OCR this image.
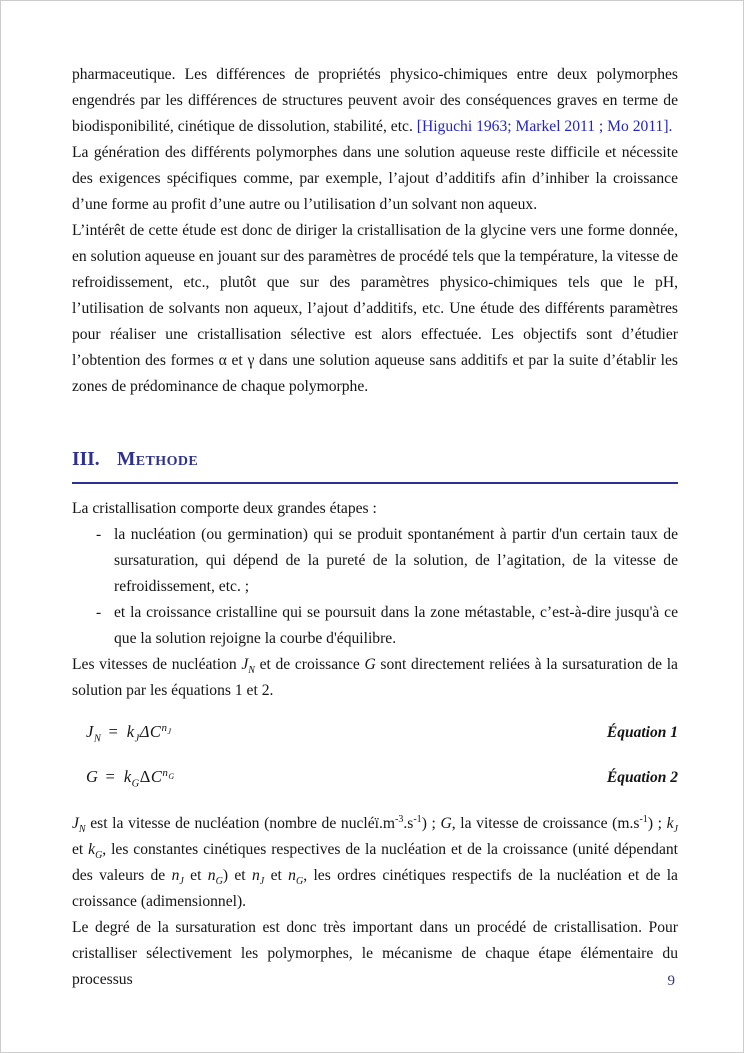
pharmaceutique. Les différences de propriétés physico-chimiques entre deux polymorphes engendrés par les différences de structures peuvent avoir des conséquences graves en terme de biodisponibilité, cinétique de dissolution, stabilité, etc. [Higuchi 1963; Markel 2011 ; Mo 2011].

La génération des différents polymorphes dans une solution aqueuse reste difficile et nécessite des exigences spécifiques comme, par exemple, l’ajout d’additifs afin d’inhiber la croissance d’une forme au profit d’une autre ou l’utilisation d’un solvant non aqueux.

L’intérêt de cette étude est donc de diriger la cristallisation de la glycine vers une forme donnée, en solution aqueuse en jouant sur des paramètres de procédé tels que la température, la vitesse de refroidissement, etc., plutôt que sur des paramètres physico-chimiques tels que le pH, l’utilisation de solvants non aqueux, l’ajout d’additifs, etc. Une étude des différents paramètres pour réaliser une cristallisation sélective est alors effectuée. Les objectifs sont d’étudier l’obtention des formes α et γ dans une solution aqueuse sans additifs et par la suite d’établir les zones de prédominance de chaque polymorphe.

III. Methode

La cristallisation comporte deux grandes étapes :

- la nucléation (ou germination) qui se produit spontanément à partir d'un certain taux de sursaturation, qui dépend de la pureté de la solution, de l’agitation, de la vitesse de refroidissement, etc. ;

- et la croissance cristalline qui se poursuit dans la zone métastable, c’est-à-dire jusqu'à ce que la solution rejoigne la courbe d'équilibre.

Les vitesses de nucléation $J_N$ et de croissance G sont directement reliées à la sursaturation de la solution par les équations 1 et 2.

$J_N = k_J\Delta C^{n_J}$	Équation 1
$G = k_G\Delta C^{n_G}$	Équation 2

$J_N$ est la vitesse de nucléation (nombre de $nucléï.m^{-3}.s^{-1}$) ; G, la vitesse de croissance $(m.s^{-1})$ ; $k_J$ et $k_G$, les constantes cinétiques respectives de la nucléation et de la croissance (unité dépendant des valeurs de $n_J$ et $n_G$) et $n_J$ et $n_G$, les ordres cinétiques respectifs de la nucléation et de la croissance (adimensionnel).

Le degré de la sursaturation est donc très important dans un procédé de cristallisation. Pour cristalliser sélectivement les polymorphes, le mécanisme de chaque étape élémentaire du processus	9
